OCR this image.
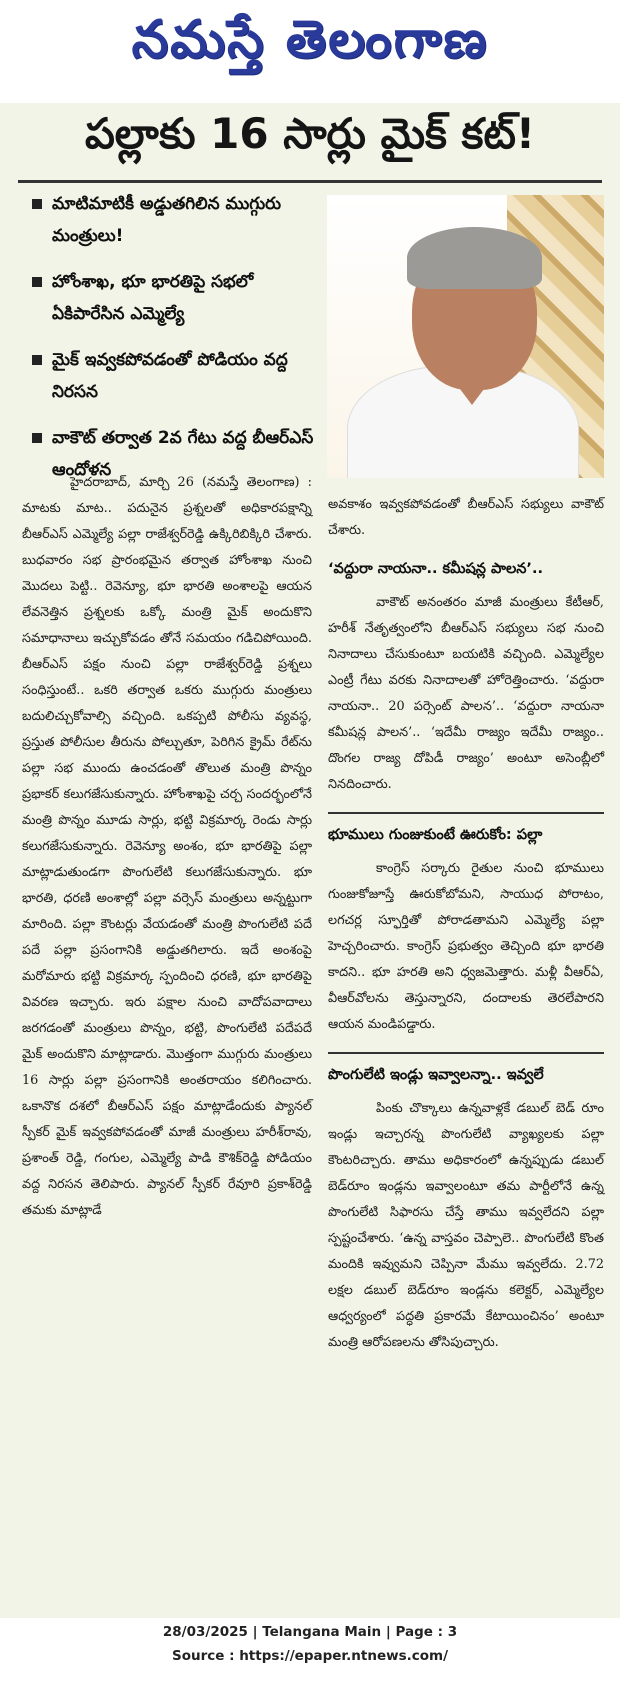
నమస్తే తెలంగాణ
పల్లాకు 16 సార్లు మైక్ కట్!
మాటిమాటికీ అడ్డుతగిలిన ముగ్గురు మంత్రులు!
హోంశాఖ, భూ భారతిపై సభలో ఏకిపారేసిన ఎమ్మెల్యే
మైక్ ఇవ్వకపోవడంతో పోడియం వద్ద నిరసన
వాకౌట్ తర్వాత 2వ గేటు వద్ద బీఆర్ఎస్ ఆందోళన

హైదరాబాద్, మార్చి 26 (నమస్తే తెలంగాణ) : మాటకు మాట.. పదునైన ప్రశ్నలతో అధికారపక్షాన్ని బీఆర్ఎస్ ఎమ్మెల్యే పల్లా రాజేశ్వర్‌రెడ్డి ఉక్కిరిబిక్కిరి చేశారు. బుధవారం సభ ప్రారంభమైన తర్వాత హోంశాఖ నుంచి మొదలు పెట్టి.. రెవెన్యూ, భూ భారతి అంశాలపై ఆయన లేవనెత్తిన ప్రశ్నలకు ఒక్కో మంత్రి మైక్ అందుకొని సమాధానాలు ఇచ్చుకోవడం తోనే సమయం గడిచిపోయింది. బీఆర్ఎస్ పక్షం నుంచి పల్లా రాజేశ్వర్‌రెడ్డి ప్రశ్నలు సంధిస్తుంటే.. ఒకరి తర్వాత ఒకరు ముగ్గురు మంత్రులు బదులిచ్చుకోవాల్సి వచ్చింది. ఒకప్పటి పోలీసు వ్యవస్థ, ప్రస్తుత పోలీసుల తీరును పోల్చుతూ, పెరిగిన క్రైమ్ రేట్‌ను పల్లా సభ ముందు ఉంచడంతో తొలుత మంత్రి పొన్నం ప్రభాకర్ కలుగజేసుకున్నారు. హోంశాఖపై చర్చ సందర్భంలోనే మంత్రి పొన్నం మూడు సార్లు, భట్టి విక్రమార్క రెండు సార్లు కలుగజేసుకున్నారు. రెవెన్యూ అంశం, భూ భారతిపై పల్లా మాట్లాడుతుండగా పొంగులేటి కలుగజేసుకున్నారు. భూ భారతి, ధరణి అంశాల్లో పల్లా వర్సెస్ మంత్రులు అన్నట్టుగా మారింది. పల్లా కౌంటర్లు వేయడంతో మంత్రి పొంగులేటి పదే పదే పల్లా ప్రసంగానికి అడ్డుతగిలారు. ఇదే అంశంపై మరోమారు భట్టి విక్రమార్క స్పందించి ధరణి, భూ భారతిపై వివరణ ఇచ్చారు. ఇరు పక్షాల నుంచి వాదోపవాదాలు జరగడంతో మంత్రులు పొన్నం, భట్టి, పొంగులేటి పదేపదే మైక్ అందుకొని మాట్లాడారు. మొత్తంగా ముగ్గురు మంత్రులు 16 సార్లు పల్లా ప్రసంగానికి అంతరాయం కలిగించారు. ఒకానొక దశలో బీఆర్ఎస్ పక్షం మాట్లాడేందుకు ప్యానల్ స్పీకర్ మైక్ ఇవ్వకపోవడంతో మాజీ మంత్రులు హరీశ్‌రావు, ప్రశాంత్ రెడ్డి, గంగుల, ఎమ్మెల్యే పాడి కౌశిక్‌రెడ్డి పోడియం వద్ద నిరసన తెలిపారు. ప్యానల్ స్పీకర్ రేవూరి ప్రకాశ్‌రెడ్డి తమకు మాట్లాడే

అవకాశం ఇవ్వకపోవడంతో బీఆర్ఎస్ సభ్యులు వాకౌట్ చేశారు.

‘వద్దురా నాయనా.. కమీషన్ల పాలన’..

వాకౌట్ అనంతరం మాజీ మంత్రులు కేటీఆర్, హరీశ్ నేతృత్వంలోని బీఆర్ఎస్ సభ్యులు సభ నుంచి నినాదాలు చేసుకుంటూ బయటికి వచ్చింది. ఎమ్మెల్యేల ఎంట్రీ గేటు వరకు నినాదాలతో హోరెత్తించారు. ‘వద్దురా నాయనా.. 20 పర్సెంట్ పాలన’.. ‘వద్దురా నాయనా కమీషన్ల పాలన’.. ‘ఇదేమీ రాజ్యం ఇదేమీ రాజ్యం.. దొంగల రాజ్య దోపిడీ రాజ్యం’ అంటూ అసెంబ్లీలో నినదించారు.

భూములు గుంజుకుంటే ఊరుకోం: పల్లా

కాంగ్రెస్ సర్కారు రైతుల నుంచి భూములు గుంజుకోజూస్తే ఊరుకోబోమని, సాయుధ పోరాటం, లగచర్ల స్ఫూర్తితో పోరాడతామని ఎమ్మెల్యే పల్లా హెచ్చరించారు. కాంగ్రెస్ ప్రభుత్వం తెచ్చింది భూ భారతి కాదని.. భూ హరతి అని ధ్వజమెత్తారు. మళ్లీ వీఆర్ఏ, వీఆర్‌వోలను తెస్తున్నారని, దందాలకు తెరలేపారని ఆయన మండిపడ్డారు.

పొంగులేటి ఇండ్లు ఇవ్వాలన్నా.. ఇవ్వలే

పింకు చొక్కాలు ఉన్నవాళ్లకే డబుల్ బెడ్ రూం ఇండ్లు ఇచ్చారన్న పొంగులేటి వ్యాఖ్యలకు పల్లా కౌంటరిచ్చారు. తాము అధికారంలో ఉన్నప్పుడు డబుల్ బెడ్‌రూం ఇండ్లను ఇవ్వాలంటూ తమ పార్టీలోనే ఉన్న పొంగులేటి సిఫారసు చేస్తే తాము ఇవ్వలేదని పల్లా స్పష్టంచేశారు. ‘ఉన్న వాస్తవం చెప్పాలె.. పొంగులేటి కొంత మందికి ఇవ్వుమని చెప్పినా మేము ఇవ్వలేదు. 2.72 లక్షల డబుల్ బెడ్‌రూం ఇండ్లను కలెక్టర్, ఎమ్మెల్యేల ఆధ్వర్యంలో పద్ధతి ప్రకారమే కేటాయించినం’ అంటూ మంత్రి ఆరోపణలను తోసిపుచ్చారు.

28/03/2025 | Telangana Main | Page : 3
Source : https://epaper.ntnews.com/
